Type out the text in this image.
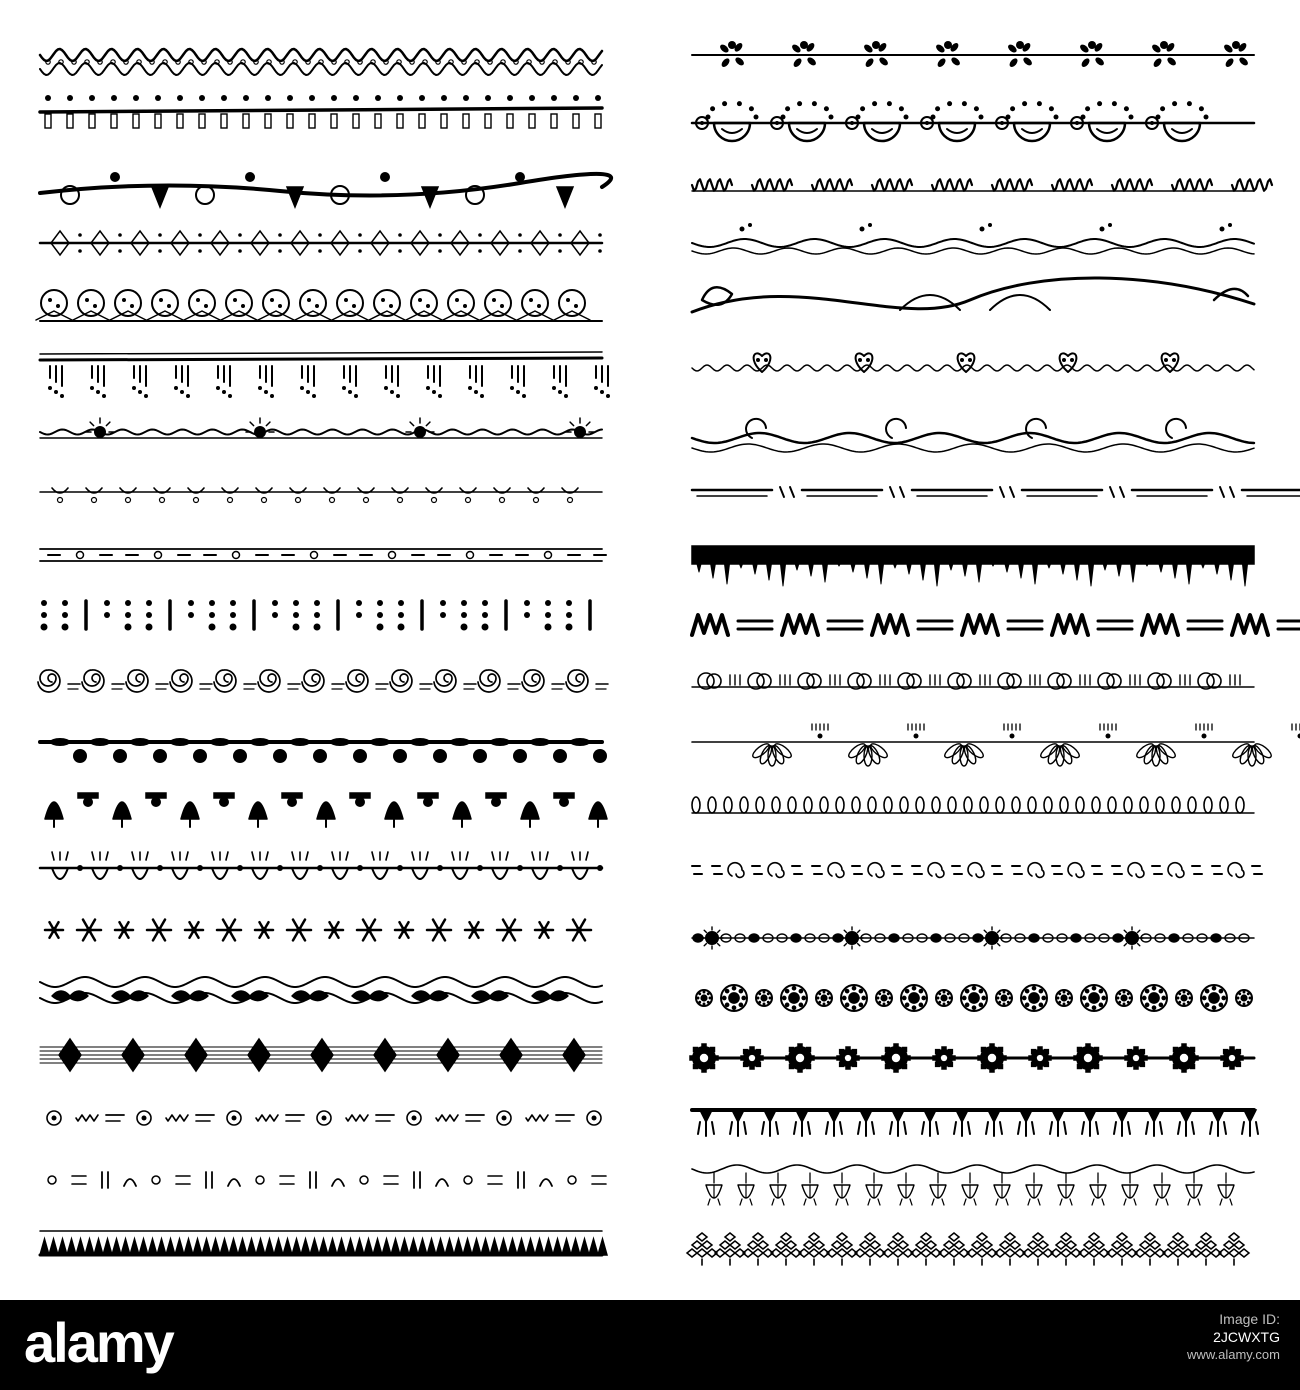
alamy	Image ID:
2JCWXTG
www.alamy.com
